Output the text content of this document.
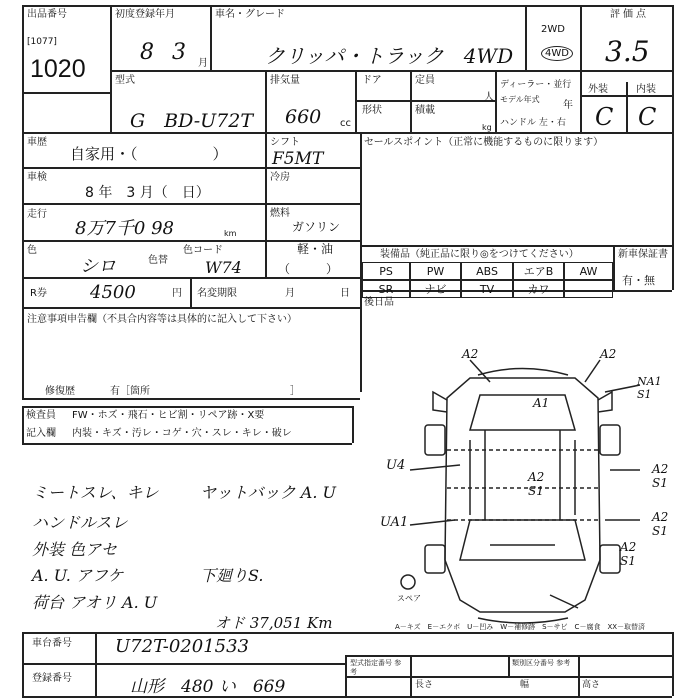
出品番号
[1077]
1020
初度登録年月
8 3 月
車名・グレード
クリッパ・トラック　4WD
2WD
4WD
評価点
3.5
型式
G　BD-U72T
排気量
660 cc
ドア	定員
人
形状	積載
kg
ディーラー・並行
モデル年式
年
ハンドル 左・右
外装	内装
C C
車歴
自家用・（　　　　　）
シフト
F5MT
車検
8 年　3 月（　日）
冷房
走行
8万7千0 98	km
燃料
ガソリン
軽・油
（　　　）
色
シロ	色替
色コード
W74
R券 4500	円 名変期限	月	日
セールスポイント（正常に機能するものに限ります）
装備品（純正品に限り◎をつけてください）	新車保証書
有・無
PS	PW	ABS	エアB	AW
SR	ナビ	TV	カワ
後日品
注意事項申告欄（不具合内容等は具体的に記入して下さい）
修復歴	有［箇所　　　　　　　　　　　　　　］
検査員
記入欄
FW・ホズ・飛石・ヒビ割・リペア跡・X要
内装・キズ・汚レ・コゲ・穴・スレ・キレ・破レ
ミートスレ、キレ
ハンドルスレ
外装 色アセ
A. U. アフケ
荷台 アオリ A. U
ヤットバック A. U
下廻りS.
オド 37,051 Km
A2	A2
A1
NA1 S1
U4
A2 S1
A2 S1
UA1	A2 S1
A2 S1
スペア
A－キズ　E－エクボ　U－凹み　W－補修跡　S－サビ　C－腐食　XX－取替済
車台番号 U72T-0201533
登録番号	山形　480 い　669
型式指定番号 参考
類別区分番号 参考
長さ	幅	高さ
